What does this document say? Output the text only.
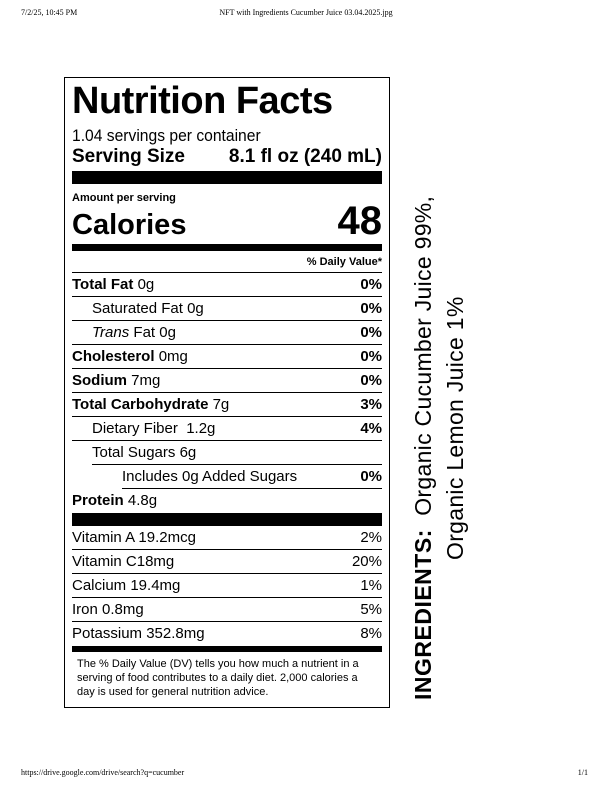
7/2/25, 10:45 PM	NFT with Ingredients Cucumber Juice 03.04.2025.jpg
Nutrition Facts
1.04 servings per container
Serving Size 8.1 fl oz (240 mL)
Amount per serving
Calories	48
% Daily Value*
Total Fat 0g	0%
Saturated Fat 0g	0%
Trans Fat 0g	0%
Cholesterol 0mg	0%
Sodium 7mg	0%
Total Carbohydrate 7g	3%
Dietary Fiber 1.2g	4%
Total Sugars 6g
Includes 0g Added Sugars	0%
Protein 4.8g
Vitamin A 19.2mcg	2%
Vitamin C18mg	20%
Calcium 19.4mg	1%
Iron 0.8mg	5%
Potassium 352.8mg	8%
The % Daily Value (DV) tells you how much a nutrient in a serving of food contributes to a daily diet. 2,000 calories a day is used for general nutrition advice.	INGREDIENTS:  Organic Cucumber Juice 99%, Organic Lemon Juice 1%
https://drive.google.com/drive/search?q=cucumber	1/1
